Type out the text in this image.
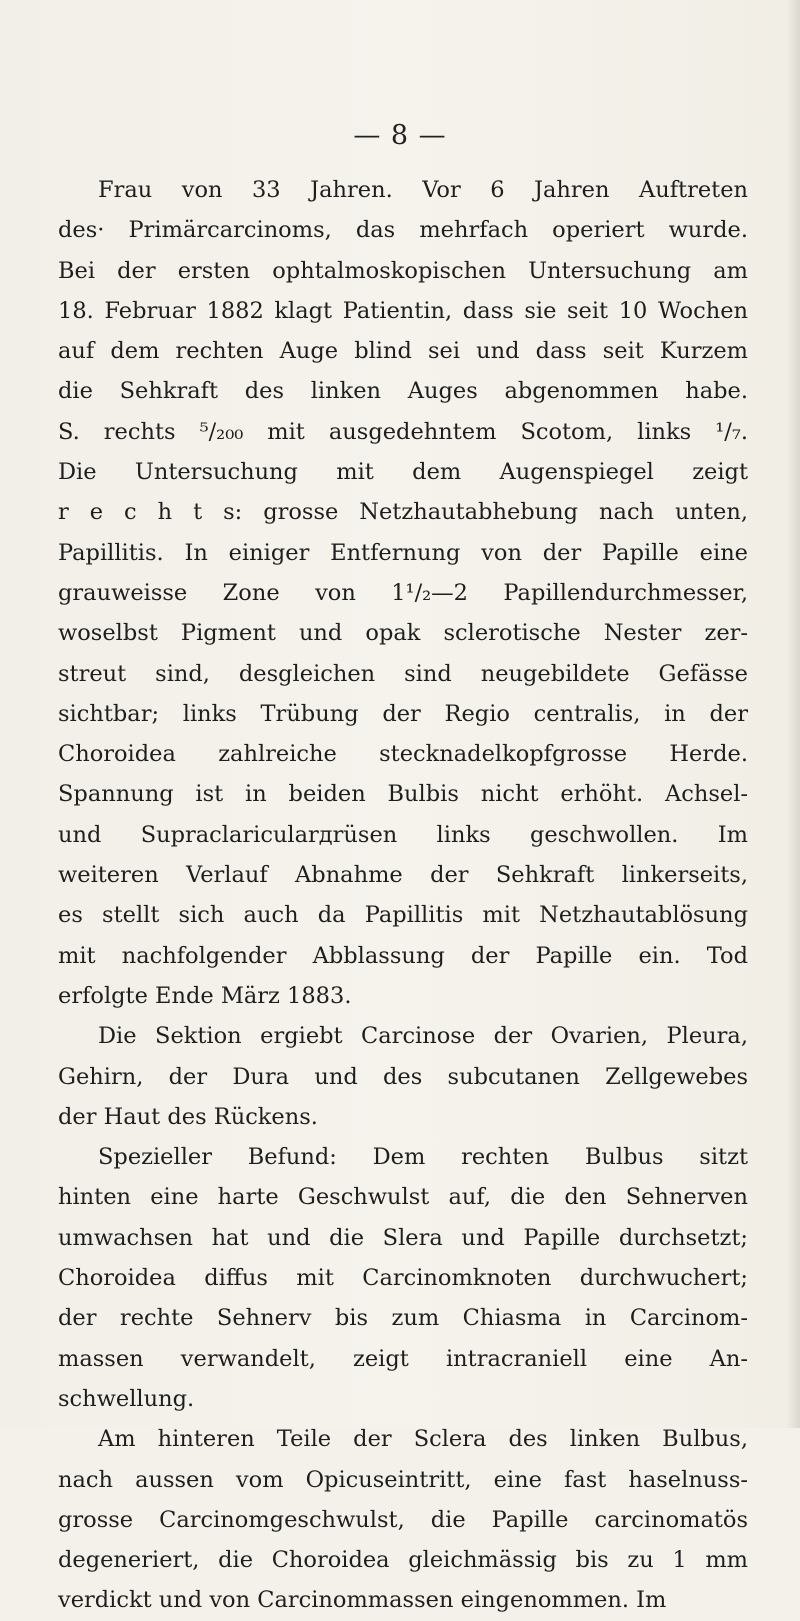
— 8 —
Frau von 33 Jahren. Vor 6 Jahren Auftreten
des· Primärcarcinoms, das mehrfach operiert wurde.
Bei der ersten ophtalmoskopischen Untersuchung am
18. Februar 1882 klagt Patientin, dass sie seit 10 Wochen
auf dem rechten Auge blind sei und dass seit Kurzem
die Sehkraft des linken Auges abgenommen habe.
S. rechts ⁵/₂₀₀ mit ausgedehntem Scotom, links ¹/₇.
Die Untersuchung mit dem Augenspiegel zeigt
r e c h t s: grosse Netzhautabhebung nach unten,
Papillitis. In einiger Entfernung von der Papille eine
grauweisse Zone von 1¹/₂—2 Papillendurchmesser,
woselbst Pigment und opak sclerotische Nester zer-
streut sind, desgleichen sind neugebildete Gefässe
sichtbar; links Trübung der Regio centralis, in der
Choroidea zahlreiche stecknadelkopfgrosse Herde.
Spannung ist in beiden Bulbis nicht erhöht. Achsel-
und Supraclaricularдrüsen links geschwollen. Im
weiteren Verlauf Abnahme der Sehkraft linkerseits,
es stellt sich auch da Papillitis mit Netzhautablösung
mit nachfolgender Abblassung der Papille ein. Tod
erfolgte Ende März 1883.
Die Sektion ergiebt Carcinose der Ovarien, Pleura,
Gehirn, der Dura und des subcutanen Zellgewebes
der Haut des Rückens.
Spezieller Befund: Dem rechten Bulbus sitzt
hinten eine harte Geschwulst auf, die den Sehnerven
umwachsen hat und die Slera und Papille durchsetzt;
Choroidea diffus mit Carcinomknoten durchwuchert;
der rechte Sehnerv bis zum Chiasma in Carcinom-
massen verwandelt, zeigt intracraniell eine An-
schwellung.
Am hinteren Teile der Sclera des linken Bulbus,
nach aussen vom Opicuseintritt, eine fast haselnuss-
grosse Carcinomgeschwulst, die Papille carcinomatös
degeneriert, die Choroidea gleichmässig bis zu 1 mm
verdickt und von Carcinommassen eingenommen. Im
